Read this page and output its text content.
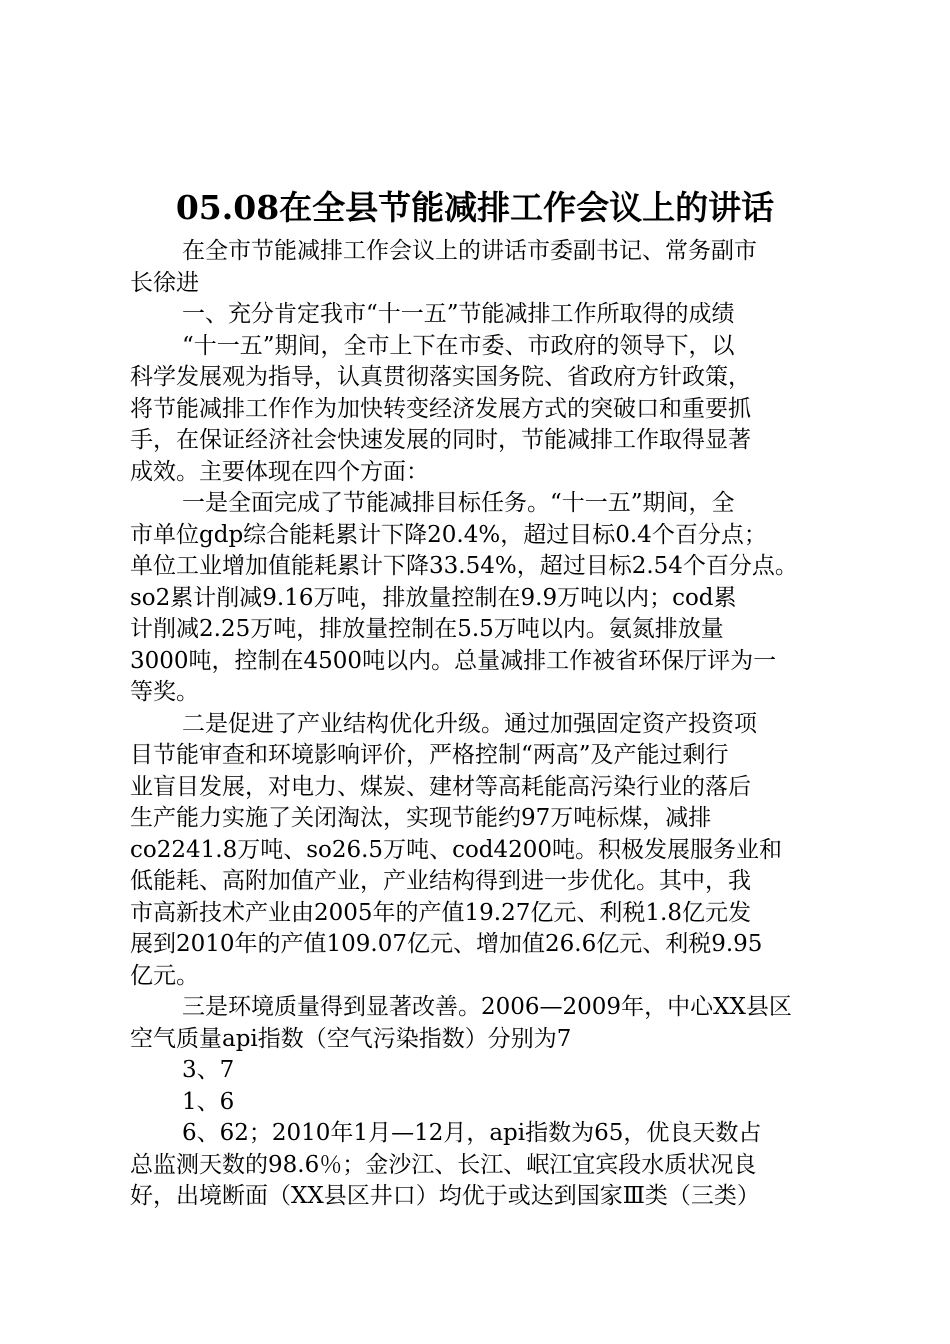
05.08在全县节能减排工作会议上的讲话
在全市节能减排工作会议上的讲话市委副书记、常务副市
长徐进
一、充分肯定我市“十一五”节能减排工作所取得的成绩
“十一五”期间，全市上下在市委、市政府的领导下，以
科学发展观为指导，认真贯彻落实国务院、省政府方针政策，
将节能减排工作作为加快转变经济发展方式的突破口和重要抓
手，在保证经济社会快速发展的同时，节能减排工作取得显著
成效。主要体现在四个方面：
一是全面完成了节能减排目标任务。“十一五”期间，全
市单位gdp综合能耗累计下降20.4%，超过目标0.4个百分点；
单位工业增加值能耗累计下降33.54%，超过目标2.54个百分点。
so2累计削减9.16万吨，排放量控制在9.9万吨以内；cod累
计削减2.25万吨，排放量控制在5.5万吨以内。氨氮排放量
3000吨，控制在4500吨以内。总量减排工作被省环保厅评为一
等奖。
二是促进了产业结构优化升级。通过加强固定资产投资项
目节能审查和环境影响评价，严格控制“两高”及产能过剩行
业盲目发展，对电力、煤炭、建材等高耗能高污染行业的落后
生产能力实施了关闭淘汰，实现节能约97万吨标煤，减排
co2241.8万吨、so26.5万吨、cod4200吨。积极发展服务业和
低能耗、高附加值产业，产业结构得到进一步优化。其中，我
市高新技术产业由2005年的产值19.27亿元、利税1.8亿元发
展到2010年的产值109.07亿元、增加值26.6亿元、利税9.95
亿元。
三是环境质量得到显著改善。2006—2009年，中心XX县区
空气质量api指数（空气污染指数）分别为7
3、7
1、6
6、62；2010年1月—12月，api指数为65，优良天数占
总监测天数的98.6％；金沙江、长江、岷江宜宾段水质状况良
好，出境断面（XX县区井口）均优于或达到国家Ⅲ类（三类）
